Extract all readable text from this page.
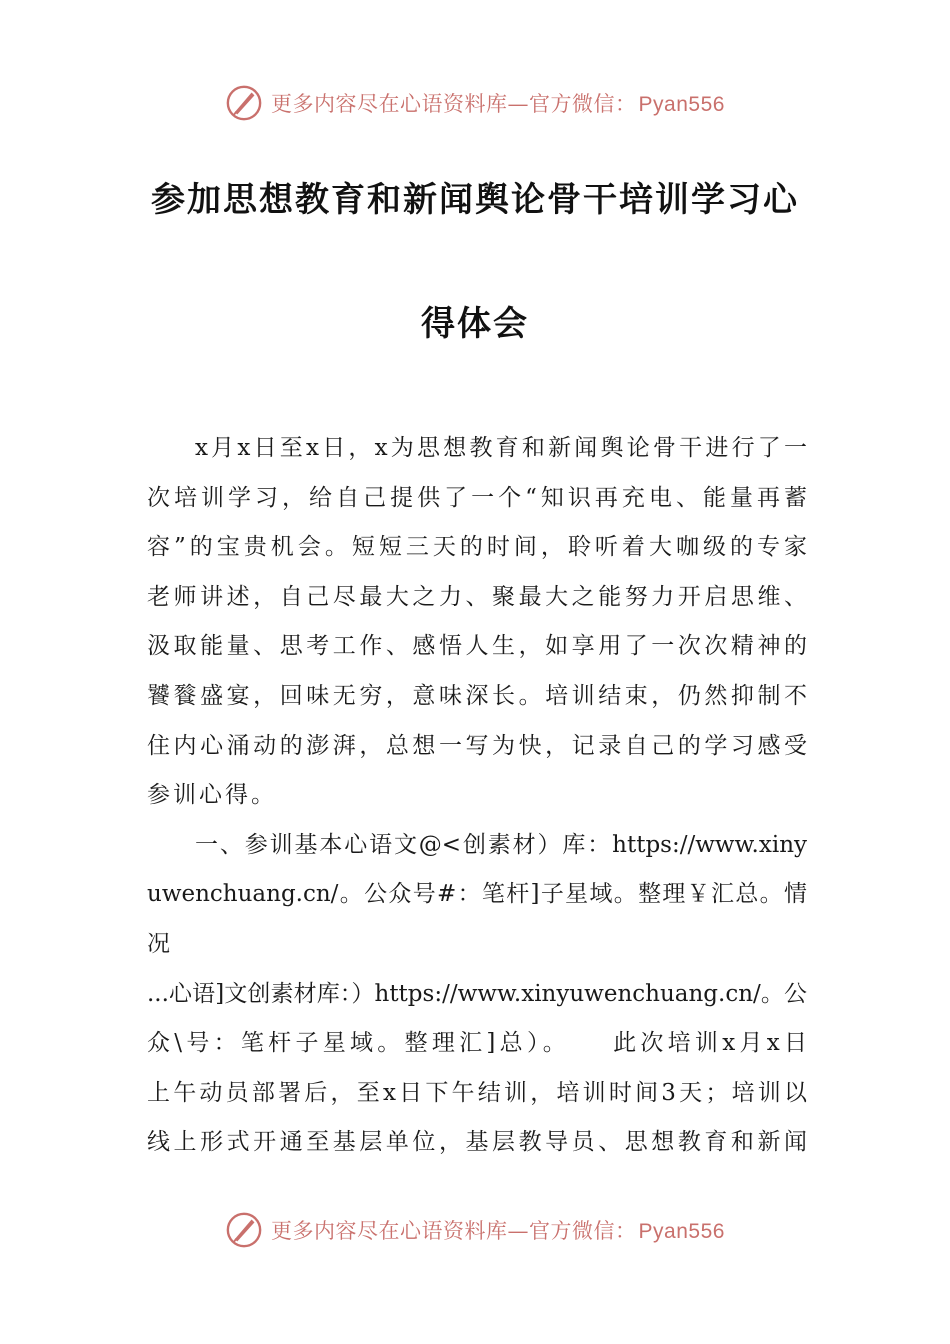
更多内容尽在心语资料库—官方微信：Pyan556
参加思想教育和新闻舆论骨干培训学习心
得体会
x月x日至x日，x为思想教育和新闻舆论骨干进行了一
次培训学习，给自己提供了一个“知识再充电、能量再蓄
容”的宝贵机会。短短三天的时间，聆听着大咖级的专家
老师讲述，自己尽最大之力、聚最大之能努力开启思维、
汲取能量、思考工作、感悟人生，如享用了一次次精神的
饕餮盛宴，回味无穷，意味深长。培训结束，仍然抑制不
住内心涌动的澎湃，总想一写为快，记录自己的学习感受
参训心得。
一、参训基本心语文@<创素材）库：https://www.xiny
uwenchuang.cn/。公众号#：笔杆]子星域。整理￥汇总。情
况
...心语]文创素材库：）https://www.xinyuwenchuang.cn/。公
众\号：笔杆子星域。整理汇]总）。　　此次培训x月x日
上午动员部署后，至x日下午结训，培训时间3天；培训以
线上形式开通至基层单位，基层教导员、思想教育和新闻
更多内容尽在心语资料库—官方微信：Pyan556
